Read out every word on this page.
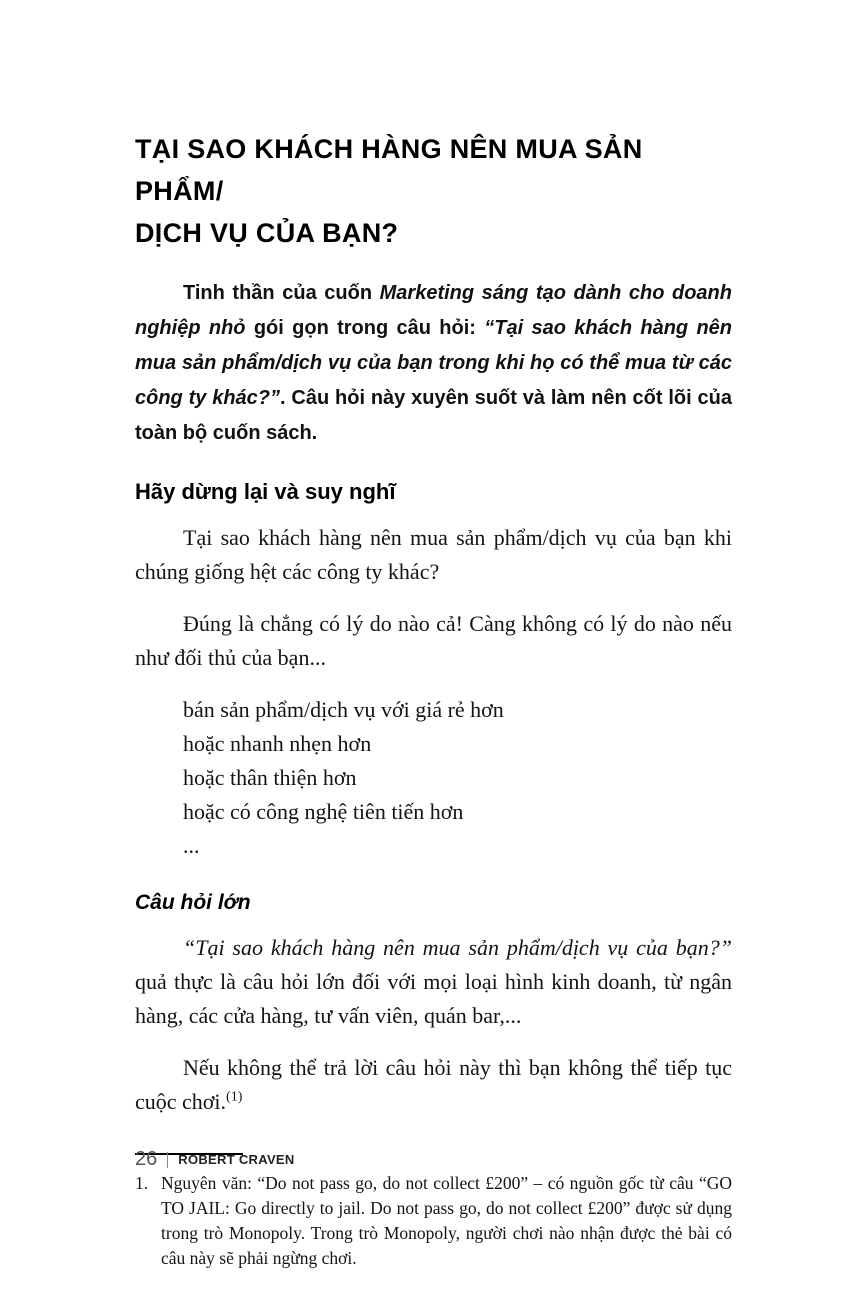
TẠI SAO KHÁCH HÀNG NÊN MUA SẢN PHẨM/
DỊCH VỤ CỦA BẠN?

Tinh thần của cuốn Marketing sáng tạo dành cho doanh nghiệp nhỏ gói gọn trong câu hỏi: “Tại sao khách hàng nên mua sản phẩm/dịch vụ của bạn trong khi họ có thể mua từ các công ty khác?”. Câu hỏi này xuyên suốt và làm nên cốt lõi của toàn bộ cuốn sách.

Hãy dừng lại và suy nghĩ

Tại sao khách hàng nên mua sản phẩm/dịch vụ của bạn khi chúng giống hệt các công ty khác?

Đúng là chẳng có lý do nào cả! Càng không có lý do nào nếu như đối thủ của bạn...

bán sản phẩm/dịch vụ với giá rẻ hơn
hoặc nhanh nhẹn hơn
hoặc thân thiện hơn
hoặc có công nghệ tiên tiến hơn
...
Câu hỏi lớn

“Tại sao khách hàng nên mua sản phẩm/dịch vụ của bạn?” quả thực là câu hỏi lớn đối với mọi loại hình kinh doanh, từ ngân hàng, các cửa hàng, tư vấn viên, quán bar,...

Nếu không thể trả lời câu hỏi này thì bạn không thể tiếp tục cuộc chơi.$^{(1)}$

1. Nguyên văn: “Do not pass go, do not collect £200” – có nguồn gốc từ câu “GO TO JAIL: Go directly to jail. Do not pass go, do not collect £200” được sử dụng trong trò Monopoly. Trong trò Monopoly, người chơi nào nhận được thẻ bài có câu này sẽ phải ngừng chơi.

26	ROBERT CRAVEN
